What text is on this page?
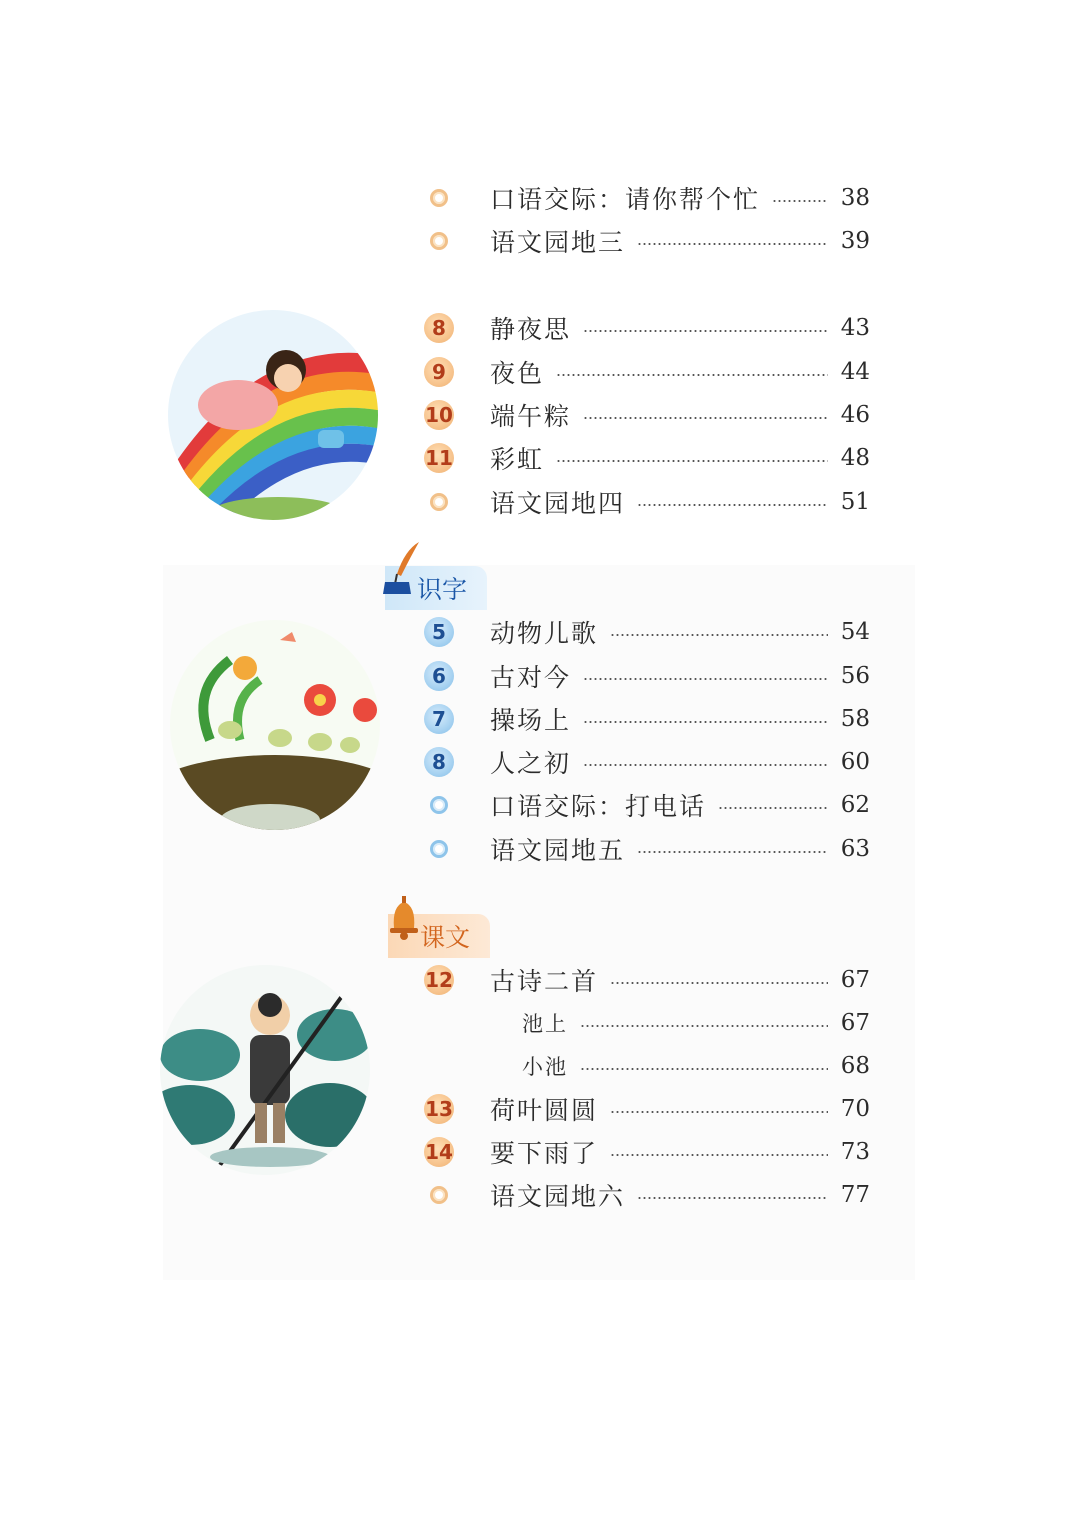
口语交际：请你帮个忙	38
语文园地三	39
8	静夜思	43
9	夜色	44
10 端午粽	46
11 彩虹	48
语文园地四	51
识字
5	动物儿歌	54
6	古对今	56
7	操场上	58
8	人之初	60
口语交际：打电话	62
语文园地五	63
课文
12 古诗二首	67
池上	67
小池	68
13 荷叶圆圆	70
14 要下雨了	73
语文园地六	77
